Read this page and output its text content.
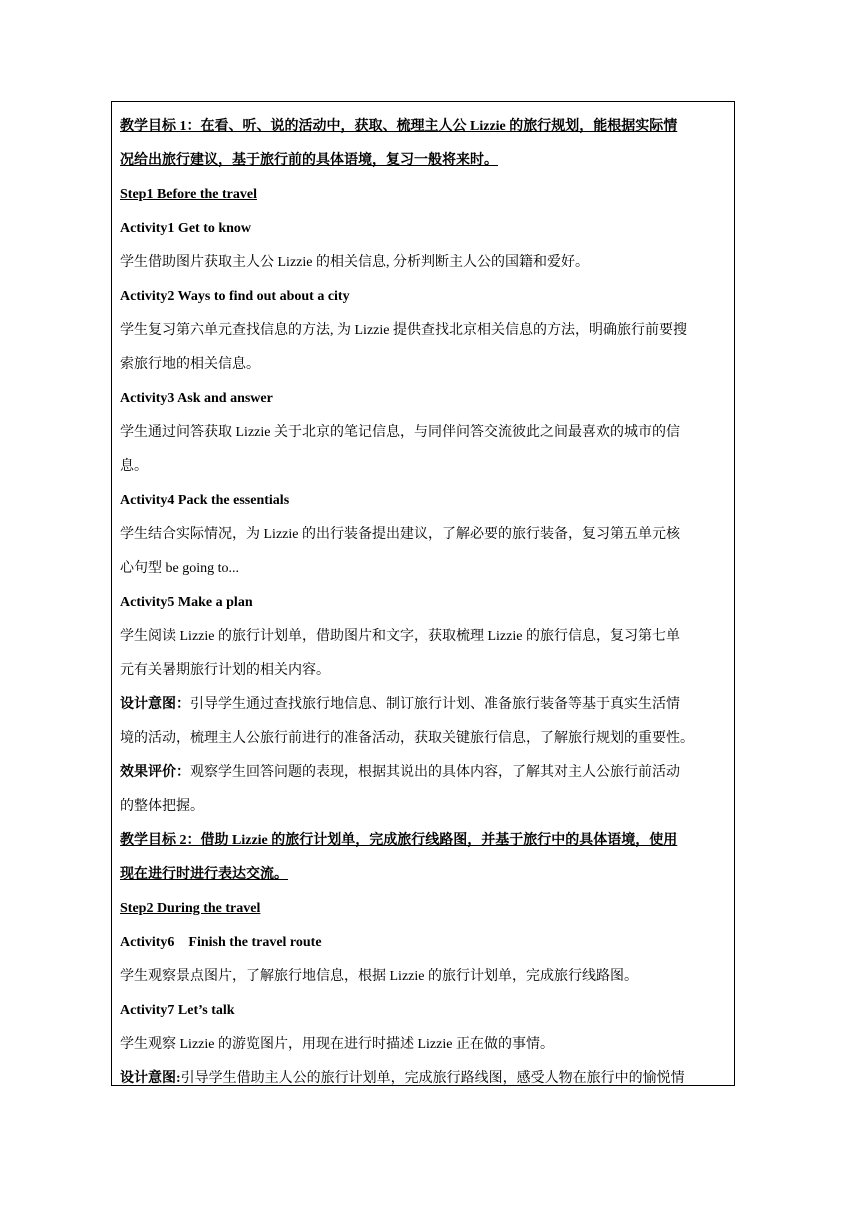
教学目标 1：在看、听、说的活动中，获取、梳理主人公 Lizzie 的旅行规划，能根据实际情

况给出旅行建议，基于旅行前的具体语境，复习一般将来时。

Step1 Before the travel

Activity1 Get to know

学生借助图片获取主人公 Lizzie 的相关信息, 分析判断主人公的国籍和爱好。

Activity2 Ways to find out about a city

学生复习第六单元查找信息的方法, 为 Lizzie 提供查找北京相关信息的方法，明确旅行前要搜

索旅行地的相关信息。

Activity3 Ask and answer

学生通过问答获取 Lizzie 关于北京的笔记信息，与同伴问答交流彼此之间最喜欢的城市的信

息。

Activity4 Pack the essentials

学生结合实际情况，为 Lizzie 的出行装备提出建议，了解必要的旅行装备，复习第五单元核

心句型 be going to...

Activity5 Make a plan

学生阅读 Lizzie 的旅行计划单，借助图片和文字，获取梳理 Lizzie 的旅行信息，复习第七单

元有关暑期旅行计划的相关内容。

设计意图：引导学生通过查找旅行地信息、制订旅行计划、准备旅行装备等基于真实生活情

境的活动，梳理主人公旅行前进行的准备活动，获取关键旅行信息，了解旅行规划的重要性。

效果评价：观察学生回答问题的表现，根据其说出的具体内容，了解其对主人公旅行前活动

的整体把握。

教学目标 2：借助 Lizzie 的旅行计划单，完成旅行线路图，并基于旅行中的具体语境，使用

现在进行时进行表达交流。

Step2 During the travel

Activity6    Finish the travel route

学生观察景点图片，了解旅行地信息，根据 Lizzie 的旅行计划单，完成旅行线路图。

Activity7 Let’s talk

学生观察 Lizzie 的游览图片，用现在进行时描述 Lizzie 正在做的事情。

设计意图:引导学生借助主人公的旅行计划单，完成旅行路线图，感受人物在旅行中的愉悦情
